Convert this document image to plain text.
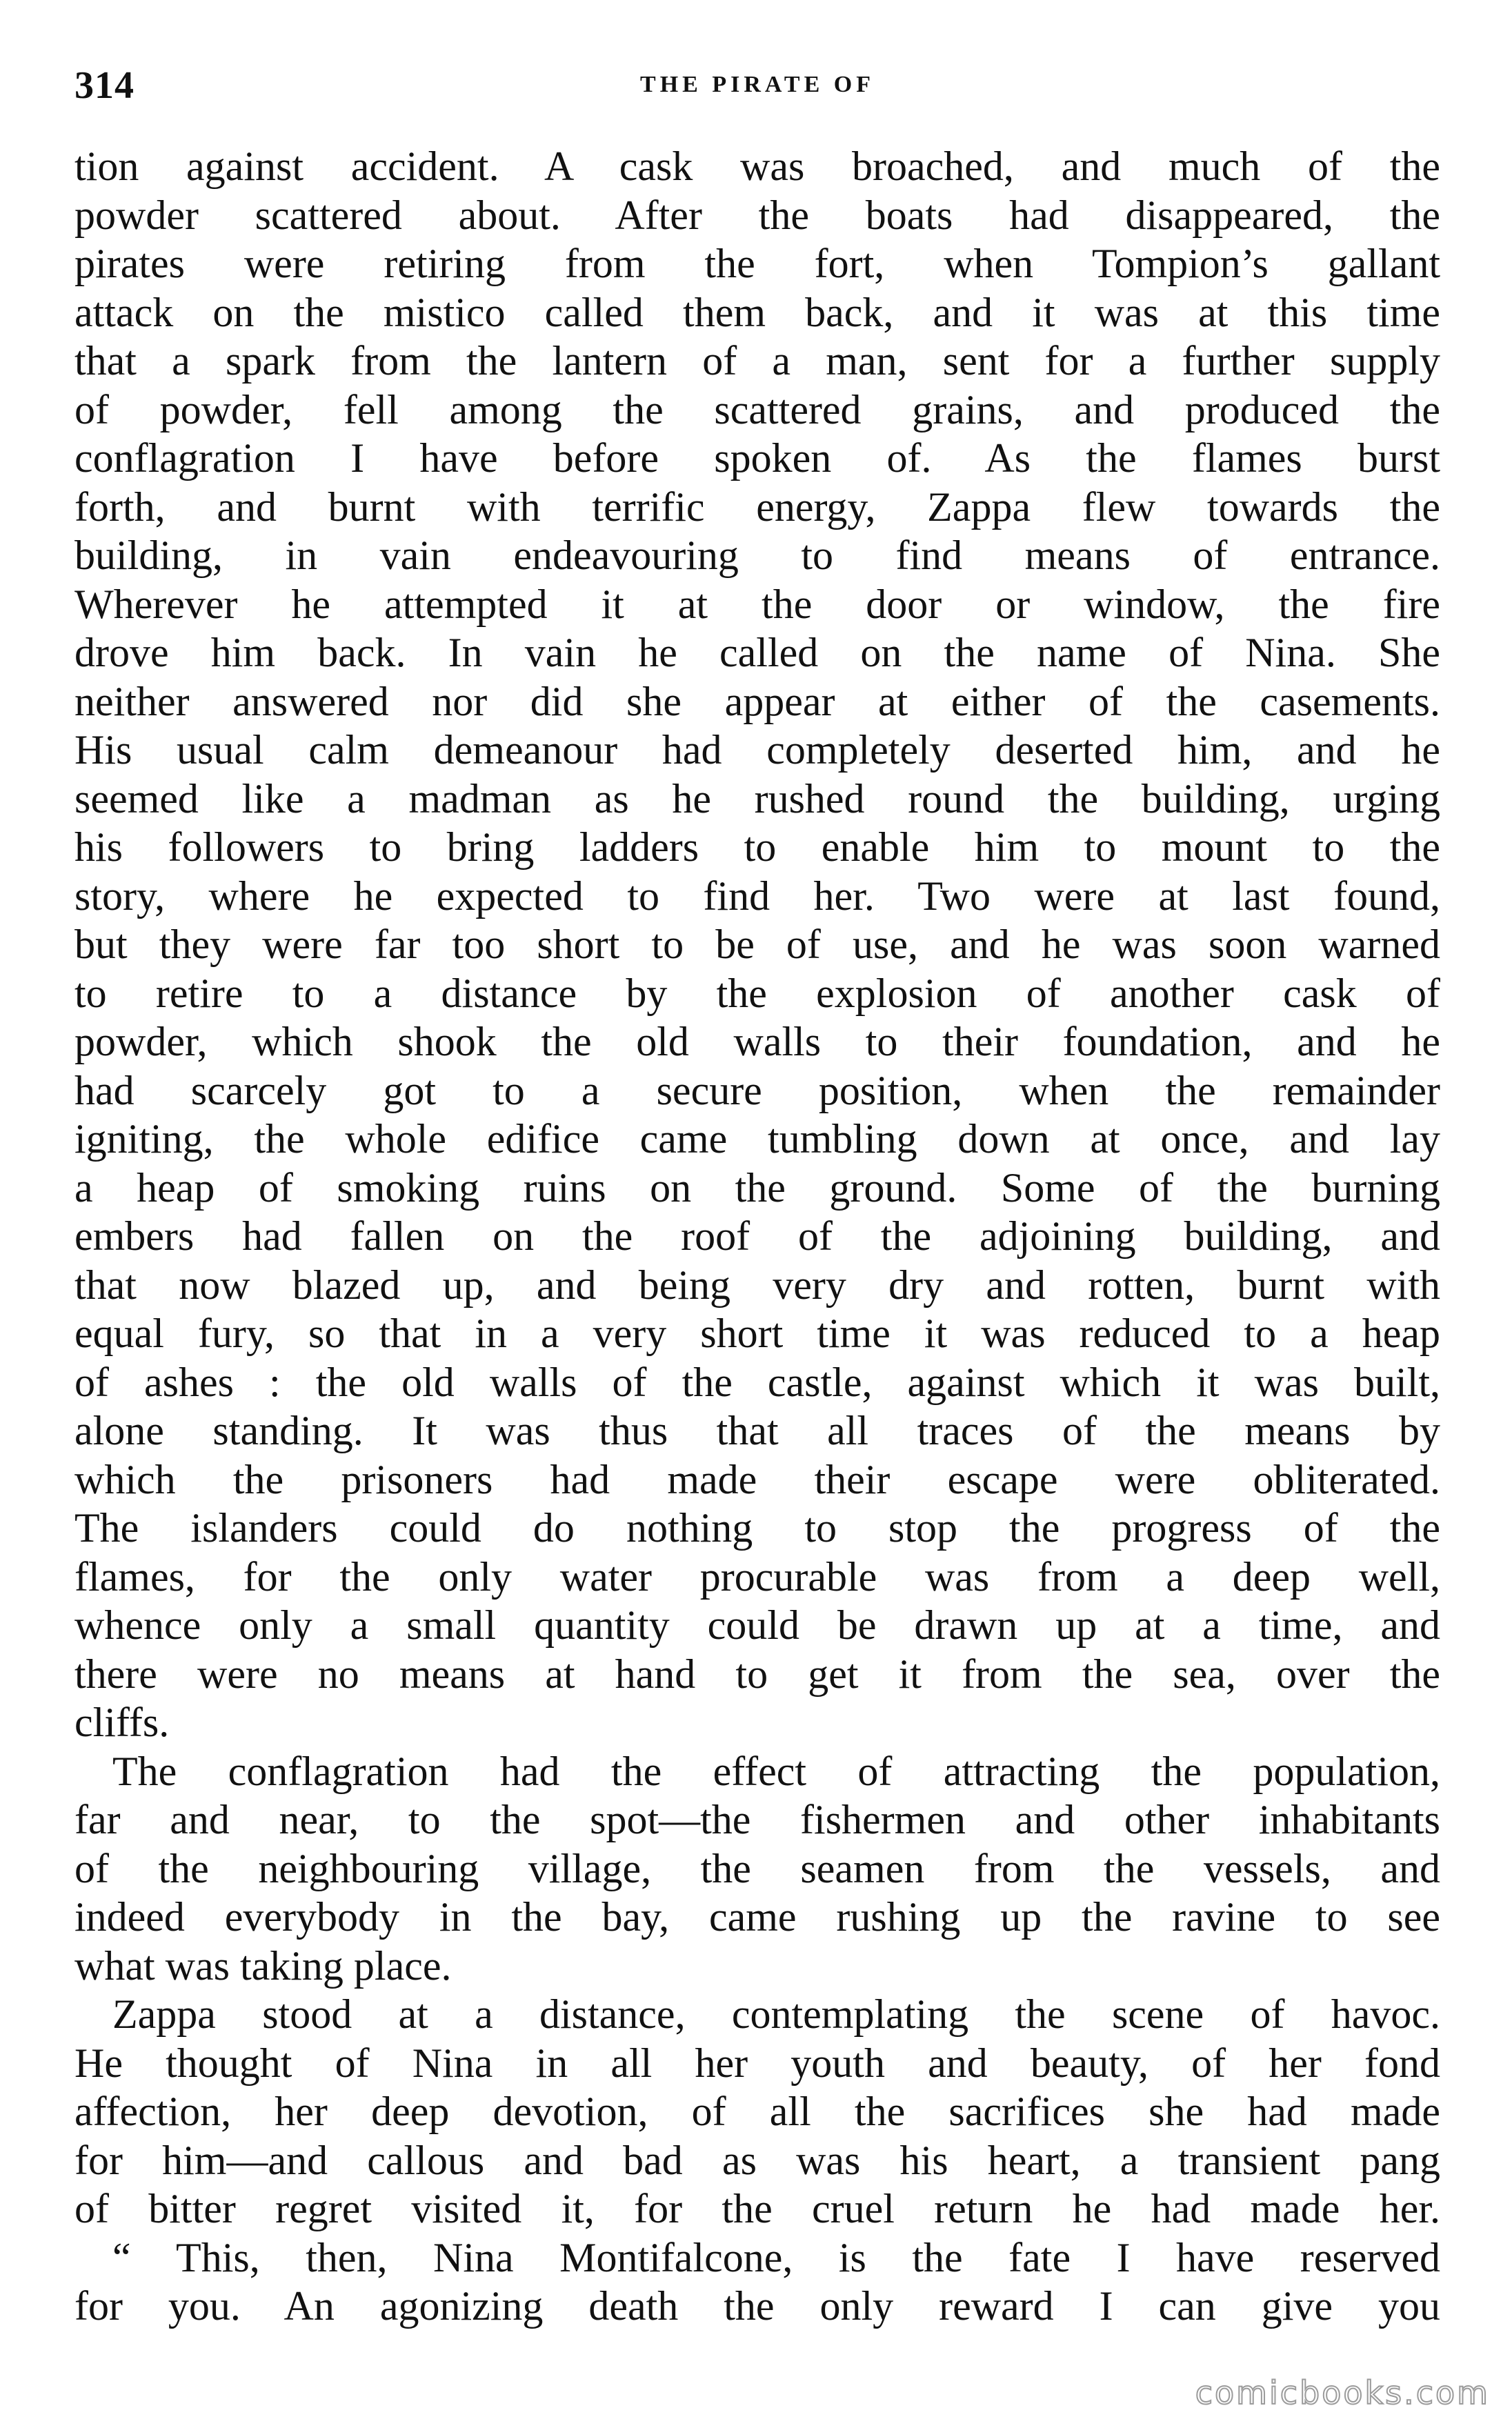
314	THE PIRATE OF
tion against accident. A cask was broached, and much of the
powder scattered about. After the boats had disappeared, the
pirates were retiring from the fort, when Tompion’s gallant
attack on the mistico called them back, and it was at this time
that a spark from the lantern of a man, sent for a further supply
of powder, fell among the scattered grains, and produced the
conflagration I have before spoken of. As the flames burst
forth, and burnt with terrific energy, Zappa flew towards the
building, in vain endeavouring to find means of entrance.
Wherever he attempted it at the door or window, the fire
drove him back. In vain he called on the name of Nina. She
neither answered nor did she appear at either of the casements.
His usual calm demeanour had completely deserted him, and he
seemed like a madman as he rushed round the building, urging
his followers to bring ladders to enable him to mount to the
story, where he expected to find her. Two were at last found,
but they were far too short to be of use, and he was soon warned
to retire to a distance by the explosion of another cask of
powder, which shook the old walls to their foundation, and he
had scarcely got to a secure position, when the remainder
igniting, the whole edifice came tumbling down at once, and lay
a heap of smoking ruins on the ground. Some of the burning
embers had fallen on the roof of the adjoining building, and
that now blazed up, and being very dry and rotten, burnt with
equal fury, so that in a very short time it was reduced to a heap
of ashes : the old walls of the castle, against which it was built,
alone standing. It was thus that all traces of the means by
which the prisoners had made their escape were obliterated.
The islanders could do nothing to stop the progress of the
flames, for the only water procurable was from a deep well,
whence only a small quantity could be drawn up at a time, and
there were no means at hand to get it from the sea, over the
cliffs.
The conflagration had the effect of attracting the population,
far and near, to the spot—the fishermen and other inhabitants
of the neighbouring village, the seamen from the vessels, and
indeed everybody in the bay, came rushing up the ravine to see
what was taking place.
Zappa stood at a distance, contemplating the scene of havoc.
He thought of Nina in all her youth and beauty, of her fond
affection, her deep devotion, of all the sacrifices she had made
for him—and callous and bad as was his heart, a transient pang
of bitter regret visited it, for the cruel return he had made her.
“ This, then, Nina Montifalcone, is the fate I have reserved
for you. An agonizing death the only reward I can give you
comicbooks.com
